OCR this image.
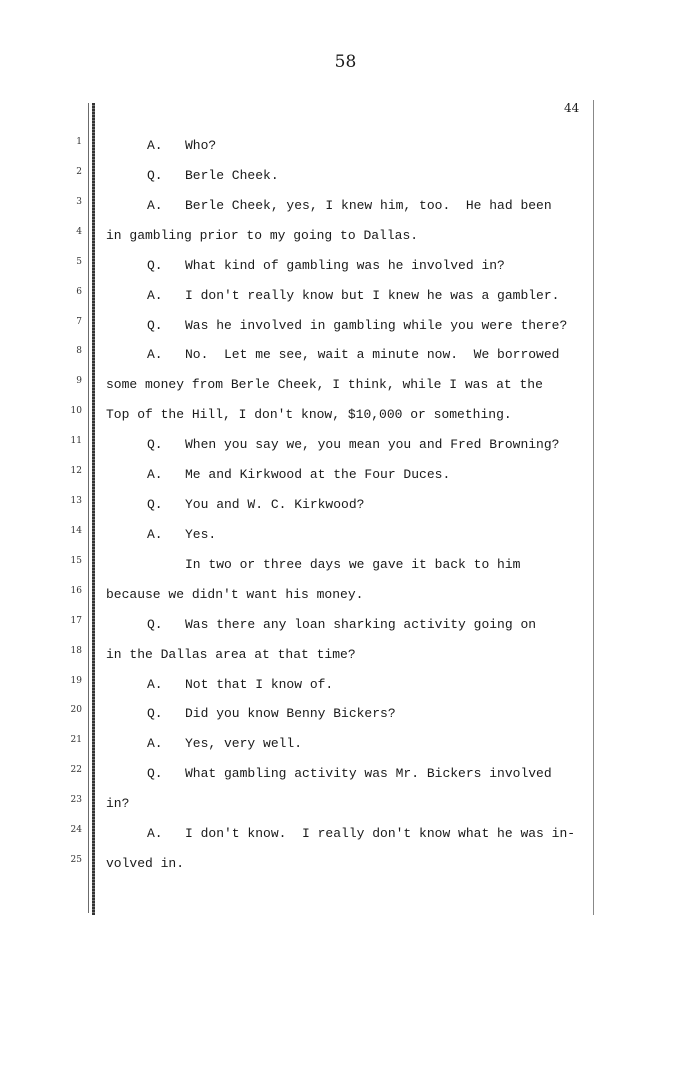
58
44
1	A. Who?
2	Q. Berle Cheek.
3	A. Berle Cheek, yes, I knew him, too.  He had been
4 in gambling prior to my going to Dallas.
5	Q. What kind of gambling was he involved in?
6	A. I don't really know but I knew he was a gambler.
7	Q. Was he involved in gambling while you were there?
8	A. No.  Let me see, wait a minute now.  We borrowed
9 some money from Berle Cheek, I think, while I was at the
10 Top of the Hill, I don't know, $10,000 or something.
11	Q. When you say we, you mean you and Fred Browning?
12	A. Me and Kirkwood at the Four Duces.
13	Q. You and W. C. Kirkwood?
14	A. Yes.
15	In two or three days we gave it back to him
16 because we didn't want his money.
17	Q. Was there any loan sharking activity going on
18 in the Dallas area at that time?
19	A. Not that I know of.
20	Q. Did you know Benny Bickers?
21	A. Yes, very well.
22	Q. What gambling activity was Mr. Bickers involved
23 in?
24	A. I don't know.  I really don't know what he was in-
25 volved in.
